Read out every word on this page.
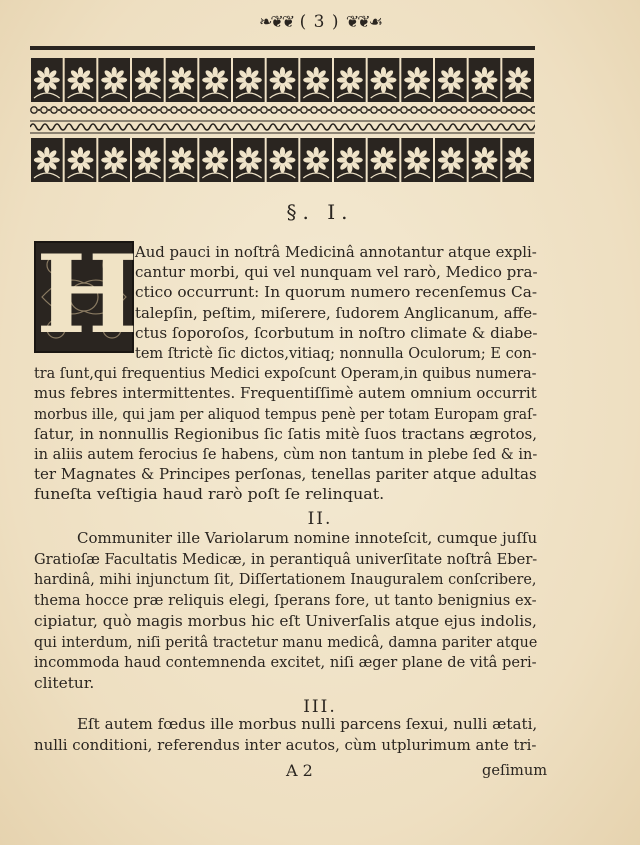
❧❦❦ ( 3 ) ❦❦☙
§. I.
H
Aud pauci in noſtrâ Medicinâ annotantur atque expli-
cantur morbi, qui vel nunquam vel rarò, Medico pra-
ctico occurrunt: In quorum numero recenſemus Ca-
talepſin, peſtim, miſerere, ſudorem Anglicanum, affe-
ctus ſoporoſos, ſcorbutum in noſtro climate & diabe-
tem ſtrictè ſic dictos,vitiaq; nonnulla Oculorum; E con-
tra ſunt,qui frequentius Medici expoſcunt Operam,in quibus numera-
mus febres intermittentes. Frequentiſſimè autem omnium occurrit
morbus ille, qui jam per aliquod tempus penè per totam Europam graſ-
ſatur, in nonnullis Regionibus ſic ſatis mitè ſuos tractans ægrotos,
in aliis autem ferocius ſe habens, cùm non tantum in plebe ſed & in-
ter Magnates & Principes perſonas, tenellas pariter atque adultas
funeſta veſtigia haud rarò poſt ſe relinquat.
Communiter ille Variolarum nomine innoteſcit, cumque juſſu
Gratioſæ Facultatis Medicæ, in perantiquâ univerſitate noſtrâ Eber-
hardinâ, mihi injunctum ſit, Diſſertationem Inauguralem conſcribere,
thema hocce præ reliquis elegi, ſperans fore, ut tanto benignius ex-
cipiatur, quò magis morbus hic eſt Univerſalis atque ejus indolis,
qui interdum, niſi peritâ tractetur manu medicâ, damna pariter atque
incommoda haud contemnenda excitet, niſi æger plane de vitâ peri-
clitetur.
Eſt autem fœdus ille morbus nulli parcens ſexui, nulli ætati,
nulli conditioni, referendus inter acutos, cùm utplurimum ante tri-
II.
III.
A 2	geſimum
